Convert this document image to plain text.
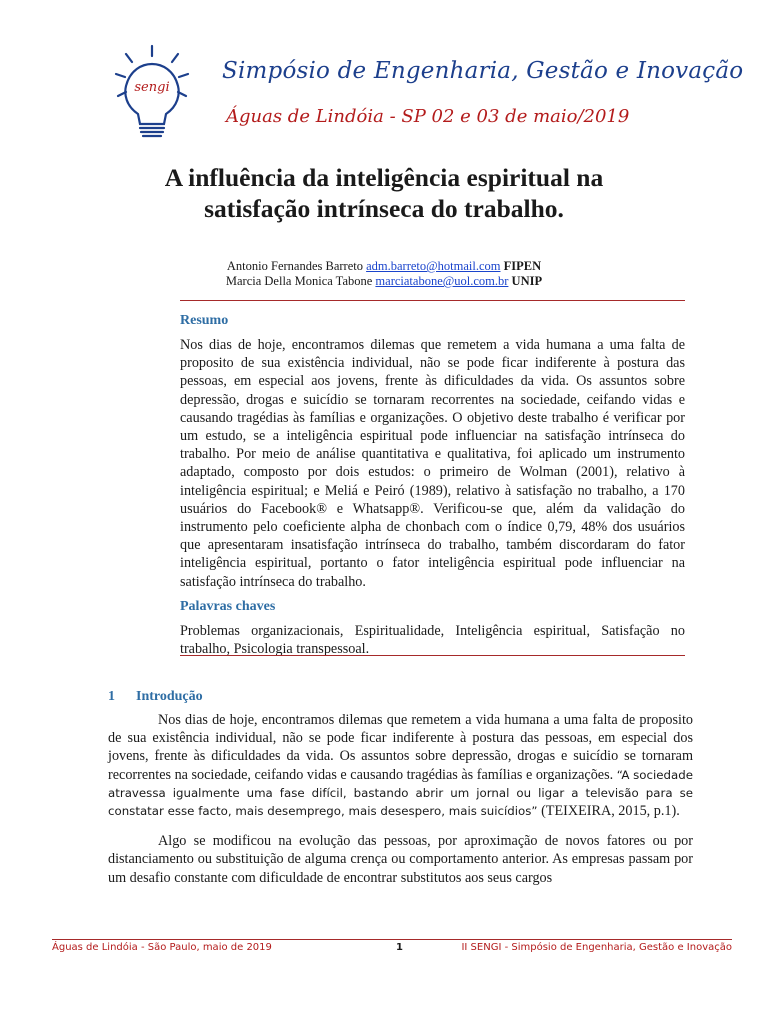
sengi
Simpósio de Engenharia, Gestão e Inovação
Águas de Lindóia - SP 02 e 03 de maio/2019
A influência da inteligência espiritual na
satisfação intrínseca do trabalho.
Antonio Fernandes Barreto adm.barreto@hotmail.com FIPEN
Marcia Della Monica Tabone marciatabone@uol.com.br UNIP
Resumo

Nos dias de hoje, encontramos dilemas que remetem a vida humana a uma falta de proposito de sua existência individual, não se pode ficar indiferente à postura das pessoas, em especial aos jovens, frente às dificuldades da vida. Os assuntos sobre depressão, drogas e suicídio se tornaram recorrentes na sociedade, ceifando vidas e causando tragédias às famílias e organizações. O objetivo deste trabalho é verificar por um estudo, se a inteligência espiritual pode influenciar na satisfação intrínseca do trabalho. Por meio de análise quantitativa e qualitativa, foi aplicado um instrumento adaptado, composto por dois estudos: o primeiro de Wolman (2001), relativo à inteligência espiritual; e Meliá e Peiró (1989), relativo à satisfação no trabalho, a 170 usuários do Facebook® e Whatsapp®. Verificou-se que, além da validação do instrumento pelo coeficiente alpha de chonbach com o índice 0,79, 48% dos usuários que apresentaram insatisfação intrínseca do trabalho, também discordaram do fator inteligência espiritual, portanto o fator inteligência espiritual pode influenciar na satisfação intrínseca do trabalho.

Palavras chaves

Problemas organizacionais, Espiritualidade, Inteligência espiritual, Satisfação no trabalho, Psicologia transpessoal.

1 Introdução

Nos dias de hoje, encontramos dilemas que remetem a vida humana a uma falta de proposito de sua existência individual, não se pode ficar indiferente à postura das pessoas, em especial dos jovens, frente às dificuldades da vida. Os assuntos sobre depressão, drogas e suicídio se tornaram recorrentes na sociedade, ceifando vidas e causando tragédias às famílias e organizações. “A sociedade atravessa igualmente uma fase difícil, bastando abrir um jornal ou ligar a televisão para se constatar esse facto, mais desemprego, mais desespero, mais suicídios” (TEIXEIRA, 2015, p.1).

Algo se modificou na evolução das pessoas, por aproximação de novos fatores ou por distanciamento ou substituição de alguma crença ou comportamento anterior. As empresas passam por um desafio constante com dificuldade de encontrar substitutos aos seus cargos

Águas de Lindóia - São Paulo, maio de 2019	1	II SENGI - Simpósio de Engenharia, Gestão e Inovação
